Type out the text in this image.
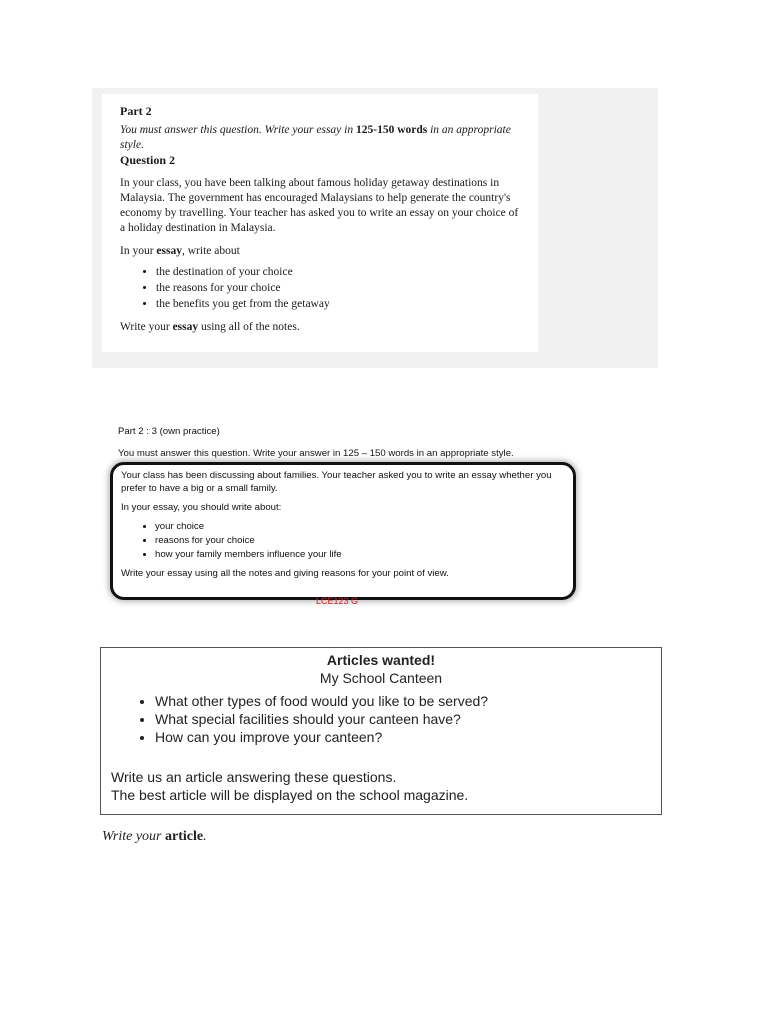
Part 2
You must answer this question. Write your essay in 125-150 words in an appropriate style.

Question 2

In your class, you have been talking about famous holiday getaway destinations in Malaysia. The government has encouraged Malaysians to help generate the country's economy by travelling. Your teacher has asked you to write an essay on your choice of a holiday destination in Malaysia.

In your essay, write about

• the destination of your choice
• the reasons for your choice
• the benefits you get from the getaway

Write your essay using all of the notes.

Part 2 : 3 (own practice)
You must answer this question. Write your answer in 125 – 150 words in an appropriate style.

Your class has been discussing about families. Your teacher asked you to write an essay whether you prefer to have a big or a small family.

In your essay, you should write about:

• your choice
• reasons for your choice
• how your family members influence your life

Write your essay using all the notes and giving reasons for your point of view.

LCE123 G
Articles wanted!
My School Canteen
• What other types of food would you like to be served?
• What special facilities should your canteen have?
• How can you improve your canteen?
Write us an article answering these questions.
The best article will be displayed on the school magazine.
Write your article.
